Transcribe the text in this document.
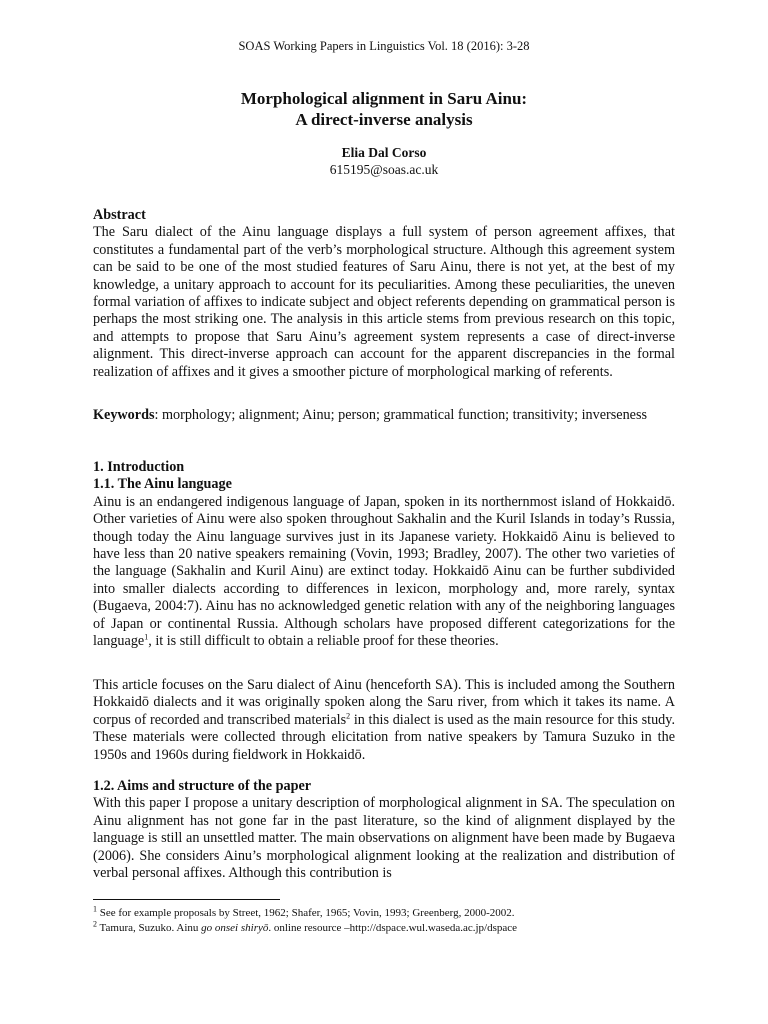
SOAS Working Papers in Linguistics Vol. 18 (2016): 3-28
Morphological alignment in Saru Ainu:
A direct-inverse analysis
Elia Dal Corso
615195@soas.ac.uk

Abstract

The Saru dialect of the Ainu language displays a full system of person agreement affixes, that constitutes a fundamental part of the verb’s morphological structure. Although this agreement system can be said to be one of the most studied features of Saru Ainu, there is not yet, at the best of my knowledge, a unitary approach to account for its peculiarities. Among these peculiarities, the uneven formal variation of affixes to indicate subject and object referents depending on grammatical person is perhaps the most striking one. The analysis in this article stems from previous research on this topic, and attempts to propose that Saru Ainu’s agreement system represents a case of direct-inverse alignment. This direct-inverse approach can account for the apparent discrepancies in the formal realization of affixes and it gives a smoother picture of morphological marking of referents.

Keywords: morphology; alignment; Ainu; person; grammatical function; transitivity; inverseness

1. Introduction

1.1. The Ainu language

Ainu is an endangered indigenous language of Japan, spoken in its northernmost island of Hokkaidō. Other varieties of Ainu were also spoken throughout Sakhalin and the Kuril Islands in today’s Russia, though today the Ainu language survives just in its Japanese variety. Hokkaidō Ainu is believed to have less than 20 native speakers remaining (Vovin, 1993; Bradley, 2007). The other two varieties of the language (Sakhalin and Kuril Ainu) are extinct today. Hokkaidō Ainu can be further subdivided into smaller dialects according to differences in lexicon, morphology and, more rarely, syntax (Bugaeva, 2004:7). Ainu has no acknowledged genetic relation with any of the neighboring languages of Japan or continental Russia. Although scholars have proposed different categorizations for the language$^1$, it is still difficult to obtain a reliable proof for these theories.

This article focuses on the Saru dialect of Ainu (henceforth SA). This is included among the Southern Hokkaidō dialects and it was originally spoken along the Saru river, from which it takes its name. A corpus of recorded and transcribed materials$^2$ in this dialect is used as the main resource for this study. These materials were collected through elicitation from native speakers by Tamura Suzuko in the 1950s and 1960s during fieldwork in Hokkaidō.

1.2. Aims and structure of the paper

With this paper I propose a unitary description of morphological alignment in SA. The speculation on Ainu alignment has not gone far in the past literature, so the kind of alignment displayed by the language is still an unsettled matter. The main observations on alignment have been made by Bugaeva (2006). She considers Ainu’s morphological alignment looking at the realization and distribution of verbal personal affixes. Although this contribution is

$^1$ See for example proposals by Street, 1962; Shafer, 1965; Vovin, 1993; Greenberg, 2000-2002.

$^2$ Tamura, Suzuko. Ainu go onsei shiryō. online resource –http://dspace.wul.waseda.ac.jp/dspace
